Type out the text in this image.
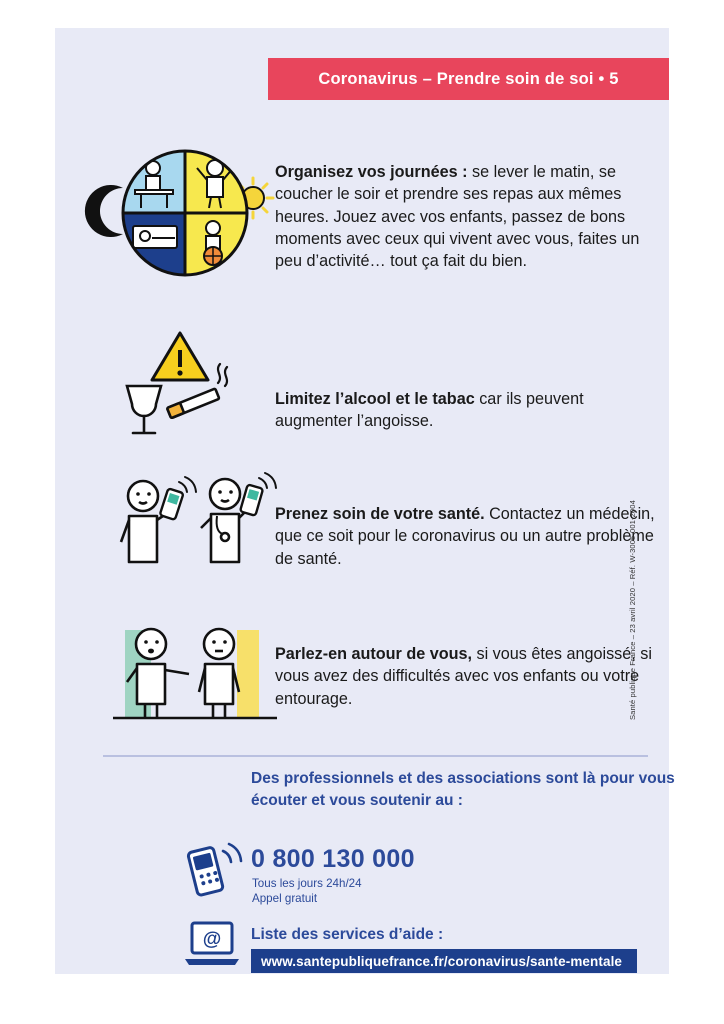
Coronavirus – Prendre soin de soi • 5
Organisez vos journées : se lever le matin, se coucher le soir et prendre ses repas aux mêmes heures. Jouez avec vos enfants, passez de bons moments avec ceux qui vivent avec vous, faites un peu d’activité… tout ça fait du bien.
Limitez l’alcool et le tabac car ils peuvent augmenter l’angoisse.
Prenez soin de votre santé. Contactez un médecin, que ce soit pour le coronavirus ou un autre problème de santé.
Parlez-en autour de vous, si vous êtes angoissé, si vous avez des difficultés avec vos enfants ou votre entourage.
Des professionnels et des associations sont là pour vous écouter et vous soutenir au :
0 800 130 000
Tous les jours 24h/24
Appel gratuit
@ Liste des services d’aide :
www.santepubliquefrance.fr/coronavirus/sante-mentale
Santé publique France – 23 avril 2020 – Réf. W-3005-001-2004
